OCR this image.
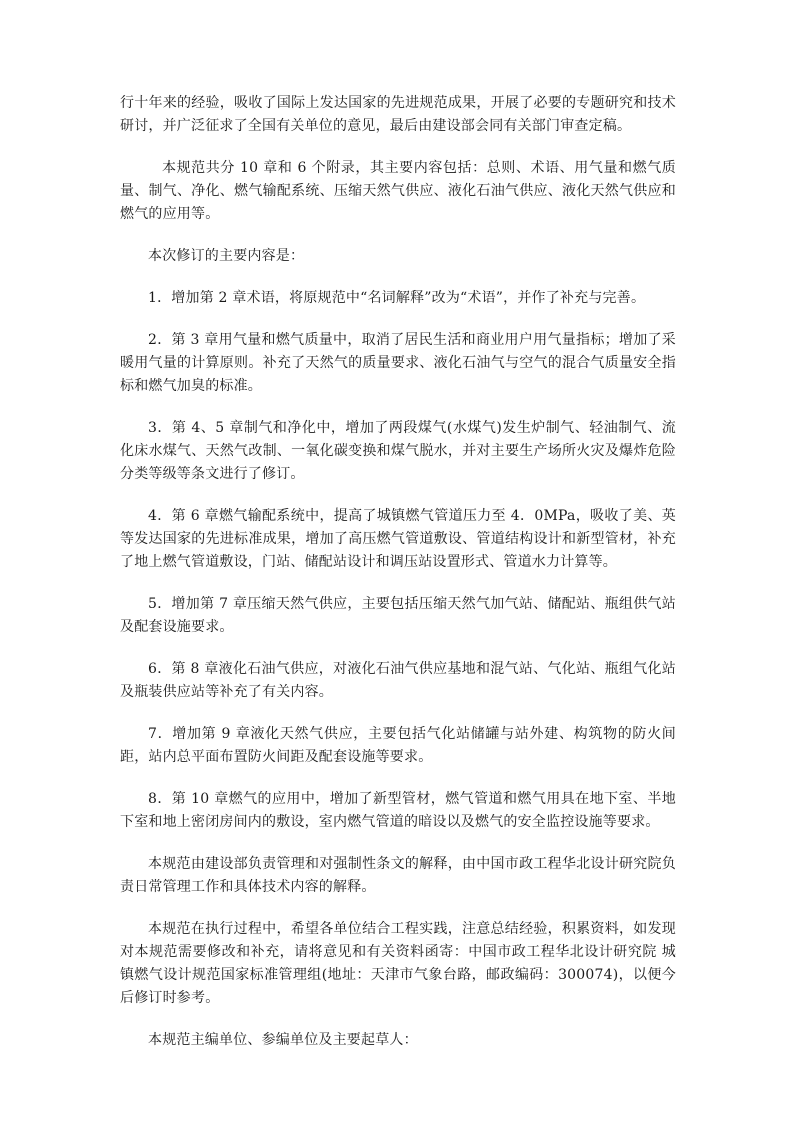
行十年来的经验，吸收了国际上发达国家的先进规范成果，开展了必要的专题研究和技术研讨，并广泛征求了全国有关单位的意见，最后由建设部会同有关部门审查定稿。

本规范共分 10 章和 6 个附录，其主要内容包括：总则、术语、用气量和燃气质量、制气、净化、燃气输配系统、压缩天然气供应、液化石油气供应、液化天然气供应和燃气的应用等。

本次修订的主要内容是：

1．增加第 2 章术语，将原规范中“名词解释”改为“术语”，并作了补充与完善。

2．第 3 章用气量和燃气质量中，取消了居民生活和商业用户用气量指标；增加了采暖用气量的计算原则。补充了天然气的质量要求、液化石油气与空气的混合气质量安全指标和燃气加臭的标准。

3．第 4、5 章制气和净化中，增加了两段煤气(水煤气)发生炉制气、轻油制气、流化床水煤气、天然气改制、一氧化碳变换和煤气脱水，并对主要生产场所火灾及爆炸危险分类等级等条文进行了修订。

4．第 6 章燃气输配系统中，提高了城镇燃气管道压力至 4．0MPa，吸收了美、英等发达国家的先进标准成果，增加了高压燃气管道敷设、管道结构设计和新型管材，补充了地上燃气管道敷设，门站、储配站设计和调压站设置形式、管道水力计算等。

5．增加第 7 章压缩天然气供应，主要包括压缩天然气加气站、储配站、瓶组供气站及配套设施要求。

6．第 8 章液化石油气供应，对液化石油气供应基地和混气站、气化站、瓶组气化站及瓶装供应站等补充了有关内容。

7．增加第 9 章液化天然气供应，主要包括气化站储罐与站外建、构筑物的防火间距，站内总平面布置防火间距及配套设施等要求。

8．第 10 章燃气的应用中，增加了新型管材，燃气管道和燃气用具在地下室、半地下室和地上密闭房间内的敷设，室内燃气管道的暗设以及燃气的安全监控设施等要求。

本规范由建设部负责管理和对强制性条文的解释，由中国市政工程华北设计研究院负责日常管理工作和具体技术内容的解释。

本规范在执行过程中，希望各单位结合工程实践，注意总结经验，积累资料，如发现对本规范需要修改和补充，请将意见和有关资料函寄：中国市政工程华北设计研究院 城镇燃气设计规范国家标准管理组(地址：天津市气象台路，邮政编码：300074)，以便今后修订时参考。

本规范主编单位、参编单位及主要起草人：
